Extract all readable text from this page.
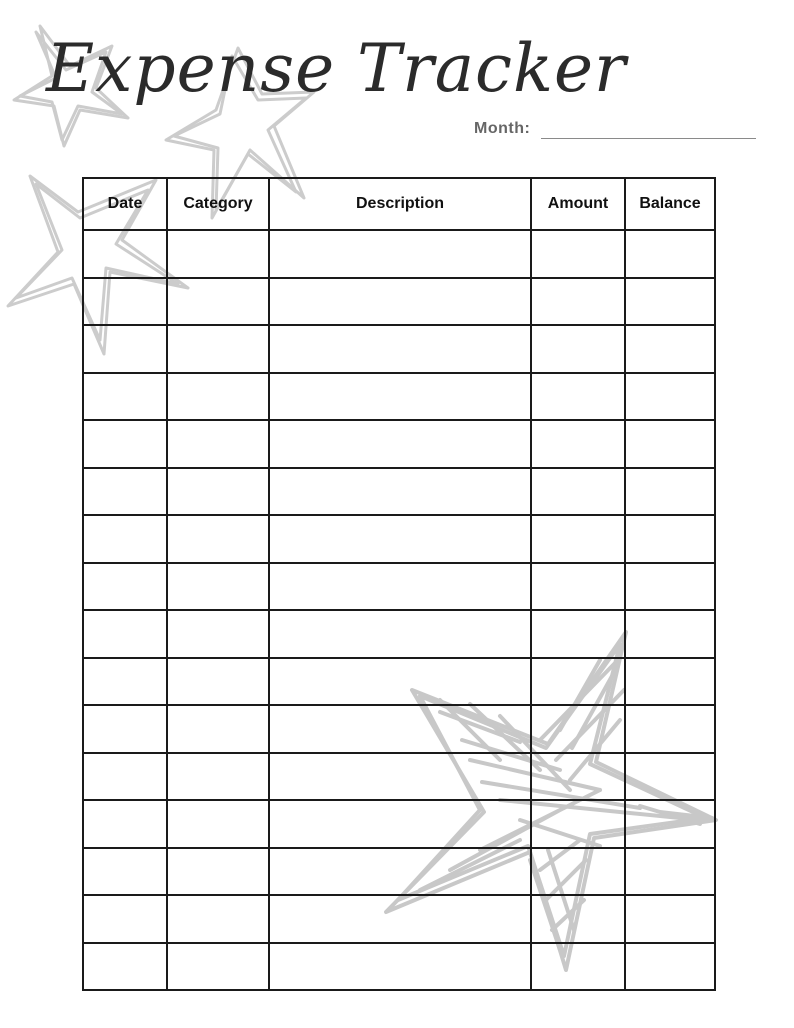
Expense Tracker
Month:
Date	Category	Description	Amount	Balance
